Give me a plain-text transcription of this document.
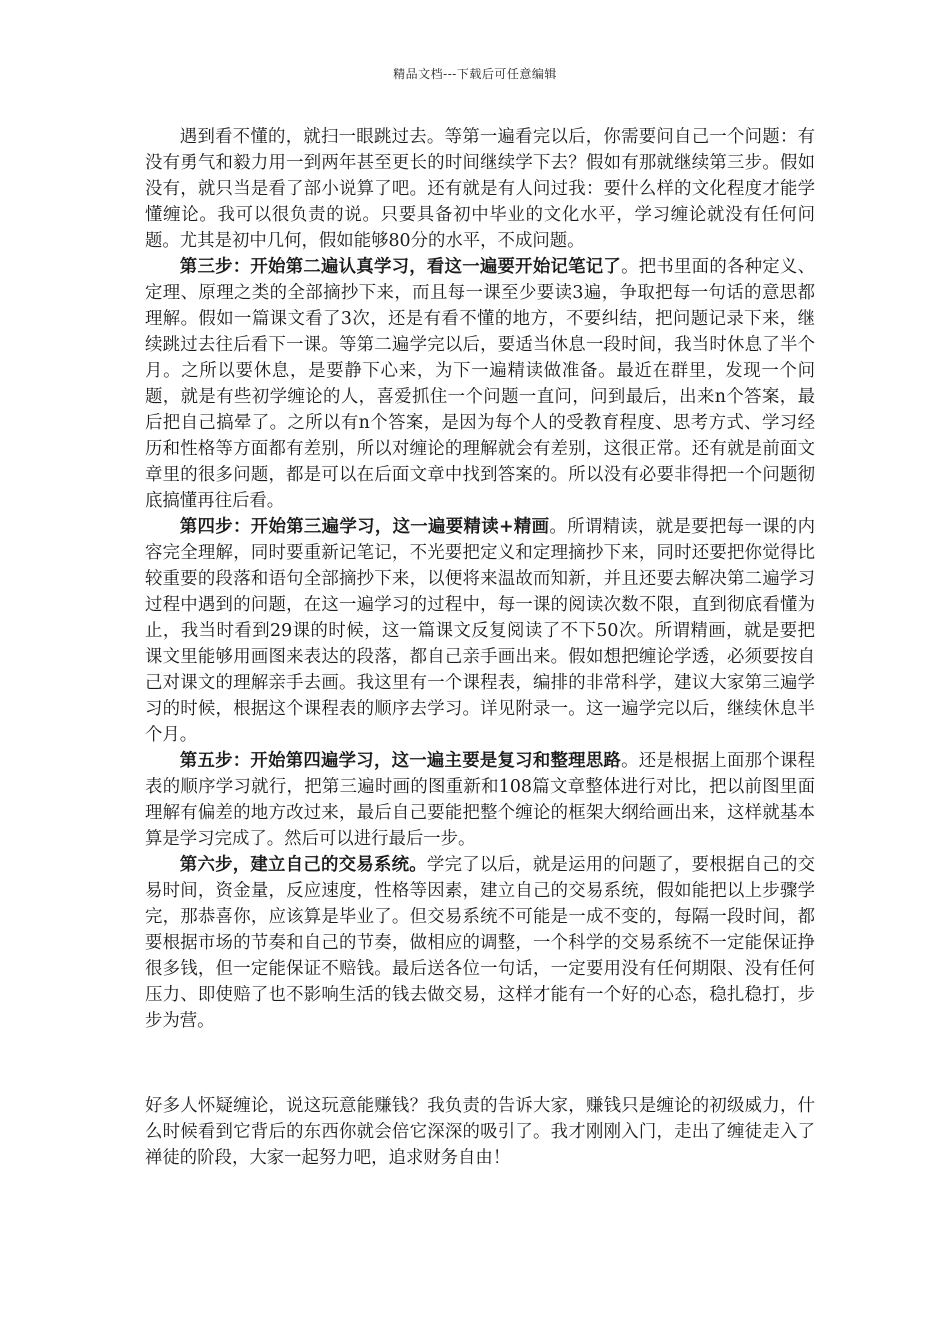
精品文档---下载后可任意编辑

遇到看不懂的，就扫一眼跳过去。等第一遍看完以后，你需要问自己一个问题：有没有勇气和毅力用一到两年甚至更长的时间继续学下去？假如有那就继续第三步。假如没有，就只当是看了部小说算了吧。还有就是有人问过我：要什么样的文化程度才能学懂缠论。我可以很负责的说。只要具备初中毕业的文化水平，学习缠论就没有任何问题。尤其是初中几何，假如能够80分的水平，不成问题。

第三步：开始第二遍认真学习，看这一遍要开始记笔记了。把书里面的各种定义、定理、原理之类的全部摘抄下来，而且每一课至少要读3遍，争取把每一句话的意思都理解。假如一篇课文看了3次，还是有看不懂的地方，不要纠结，把问题记录下来，继续跳过去往后看下一课。等第二遍学完以后，要适当休息一段时间，我当时休息了半个月。之所以要休息，是要静下心来，为下一遍精读做准备。最近在群里，发现一个问题，就是有些初学缠论的人，喜爱抓住一个问题一直问，问到最后，出来n个答案，最后把自己搞晕了。之所以有n个答案，是因为每个人的受教育程度、思考方式、学习经历和性格等方面都有差别，所以对缠论的理解就会有差别，这很正常。还有就是前面文章里的很多问题，都是可以在后面文章中找到答案的。所以没有必要非得把一个问题彻底搞懂再往后看。

第四步：开始第三遍学习，这一遍要精读+精画。所谓精读，就是要把每一课的内容完全理解，同时要重新记笔记，不光要把定义和定理摘抄下来，同时还要把你觉得比较重要的段落和语句全部摘抄下来，以便将来温故而知新，并且还要去解决第二遍学习过程中遇到的问题，在这一遍学习的过程中，每一课的阅读次数不限，直到彻底看懂为止，我当时看到29课的时候，这一篇课文反复阅读了不下50次。所谓精画，就是要把课文里能够用画图来表达的段落，都自己亲手画出来。假如想把缠论学透，必须要按自己对课文的理解亲手去画。我这里有一个课程表，编排的非常科学，建议大家第三遍学习的时候，根据这个课程表的顺序去学习。详见附录一。这一遍学完以后，继续休息半个月。

第五步：开始第四遍学习，这一遍主要是复习和整理思路。还是根据上面那个课程表的顺序学习就行，把第三遍时画的图重新和108篇文章整体进行对比，把以前图里面理解有偏差的地方改过来，最后自己要能把整个缠论的框架大纲给画出来，这样就基本算是学习完成了。然后可以进行最后一步。

第六步，建立自己的交易系统。学完了以后，就是运用的问题了，要根据自己的交易时间，资金量，反应速度，性格等因素，建立自己的交易系统，假如能把以上步骤学完，那恭喜你，应该算是毕业了。但交易系统不可能是一成不变的，每隔一段时间，都要根据市场的节奏和自己的节奏，做相应的调整，一个科学的交易系统不一定能保证挣很多钱，但一定能保证不赔钱。最后送各位一句话，一定要用没有任何期限、没有任何压力、即使赔了也不影响生活的钱去做交易，这样才能有一个好的心态，稳扎稳打，步步为营。

好多人怀疑缠论，说这玩意能赚钱？我负责的告诉大家，赚钱只是缠论的初级威力，什么时候看到它背后的东西你就会倍它深深的吸引了。我才刚刚入门，走出了缠徒走入了禅徒的阶段，大家一起努力吧，追求财务自由！
